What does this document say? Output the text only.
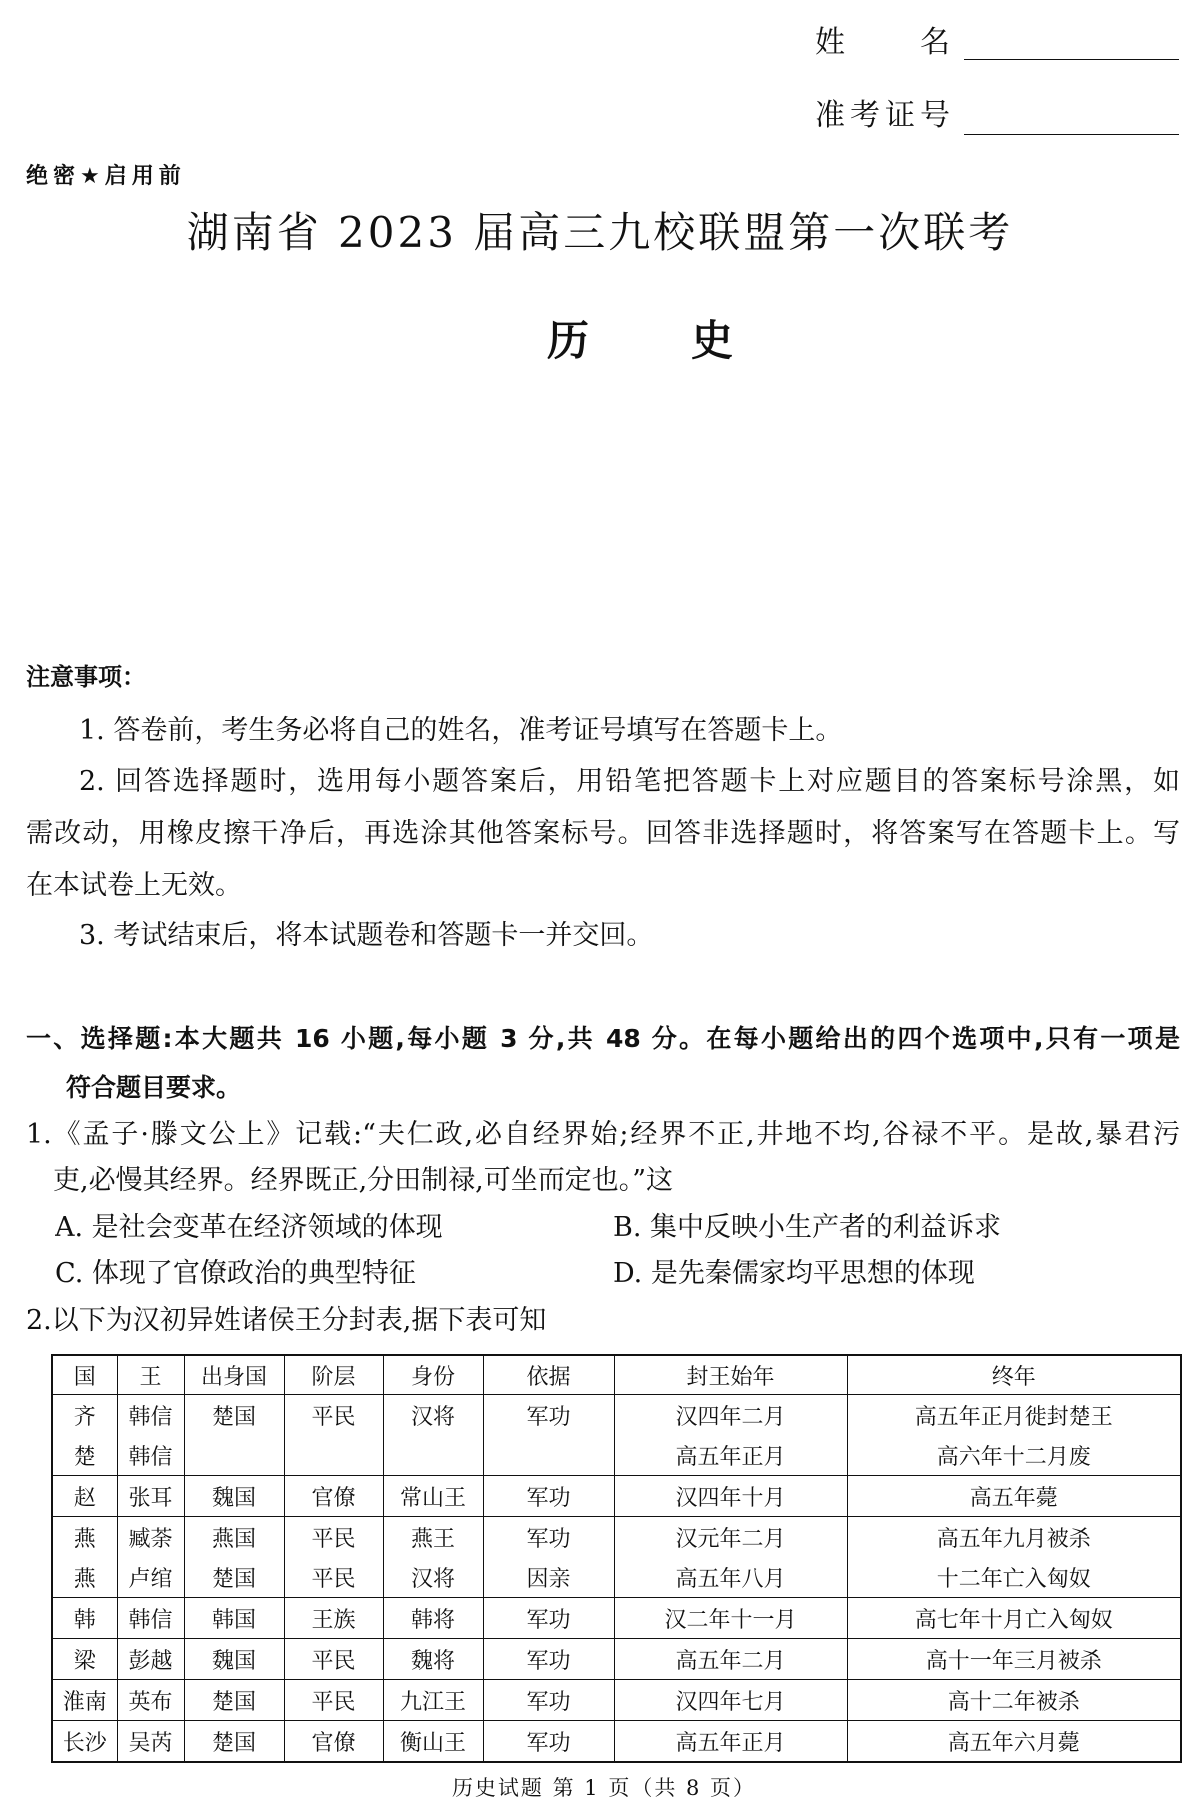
姓　　名
准考证号
绝密★启用前
湖南省 2023 届高三九校联盟第一次联考
历　　史
注意事项：
1. 答卷前，考生务必将自己的姓名，准考证号填写在答题卡上。
2. 回答选择题时，选用每小题答案后，用铅笔把答题卡上对应题目的答案标号涂黑，如
需改动，用橡皮擦干净后，再选涂其他答案标号。回答非选择题时，将答案写在答题卡上。写
在本试卷上无效。
3. 考试结束后，将本试题卷和答题卡一并交回。
一、选择题:本大题共 16 小题,每小题 3 分,共 48 分。在每小题给出的四个选项中,只有一项是
符合题目要求。
1.《孟子·滕文公上》记载:“夫仁政,必自经界始;经界不正,井地不均,谷禄不平。是故,暴君污
吏,必慢其经界。经界既正,分田制禄,可坐而定也。”这
A. 是社会变革在经济领域的体现	B. 集中反映小生产者的利益诉求
C. 体现了官僚政治的典型特征	D. 是先秦儒家均平思想的体现
2.以下为汉初异姓诸侯王分封表,据下表可知
国	王	出身国	阶层	身份	依据	封王始年	终年
齐	韩信	楚国	平民	汉将	军功	汉四年二月	高五年正月徙封楚王
楚	韩信					高五年正月	高六年十二月废
赵	张耳	魏国	官僚	常山王	军功	汉四年十月	高五年薨
燕	臧荼	燕国	平民	燕王	军功	汉元年二月	高五年九月被杀
燕	卢绾	楚国	平民	汉将	因亲	高五年八月	十二年亡入匈奴
韩	韩信	韩国	王族	韩将	军功	汉二年十一月	高七年十月亡入匈奴
梁	彭越	魏国	平民	魏将	军功	高五年二月	高十一年三月被杀
淮南	英布	楚国	平民	九江王	军功	汉四年七月	高十二年被杀
长沙	吴芮	楚国	官僚	衡山王	军功	高五年正月	高五年六月薨
历史试题 第 1 页（共 8 页）
